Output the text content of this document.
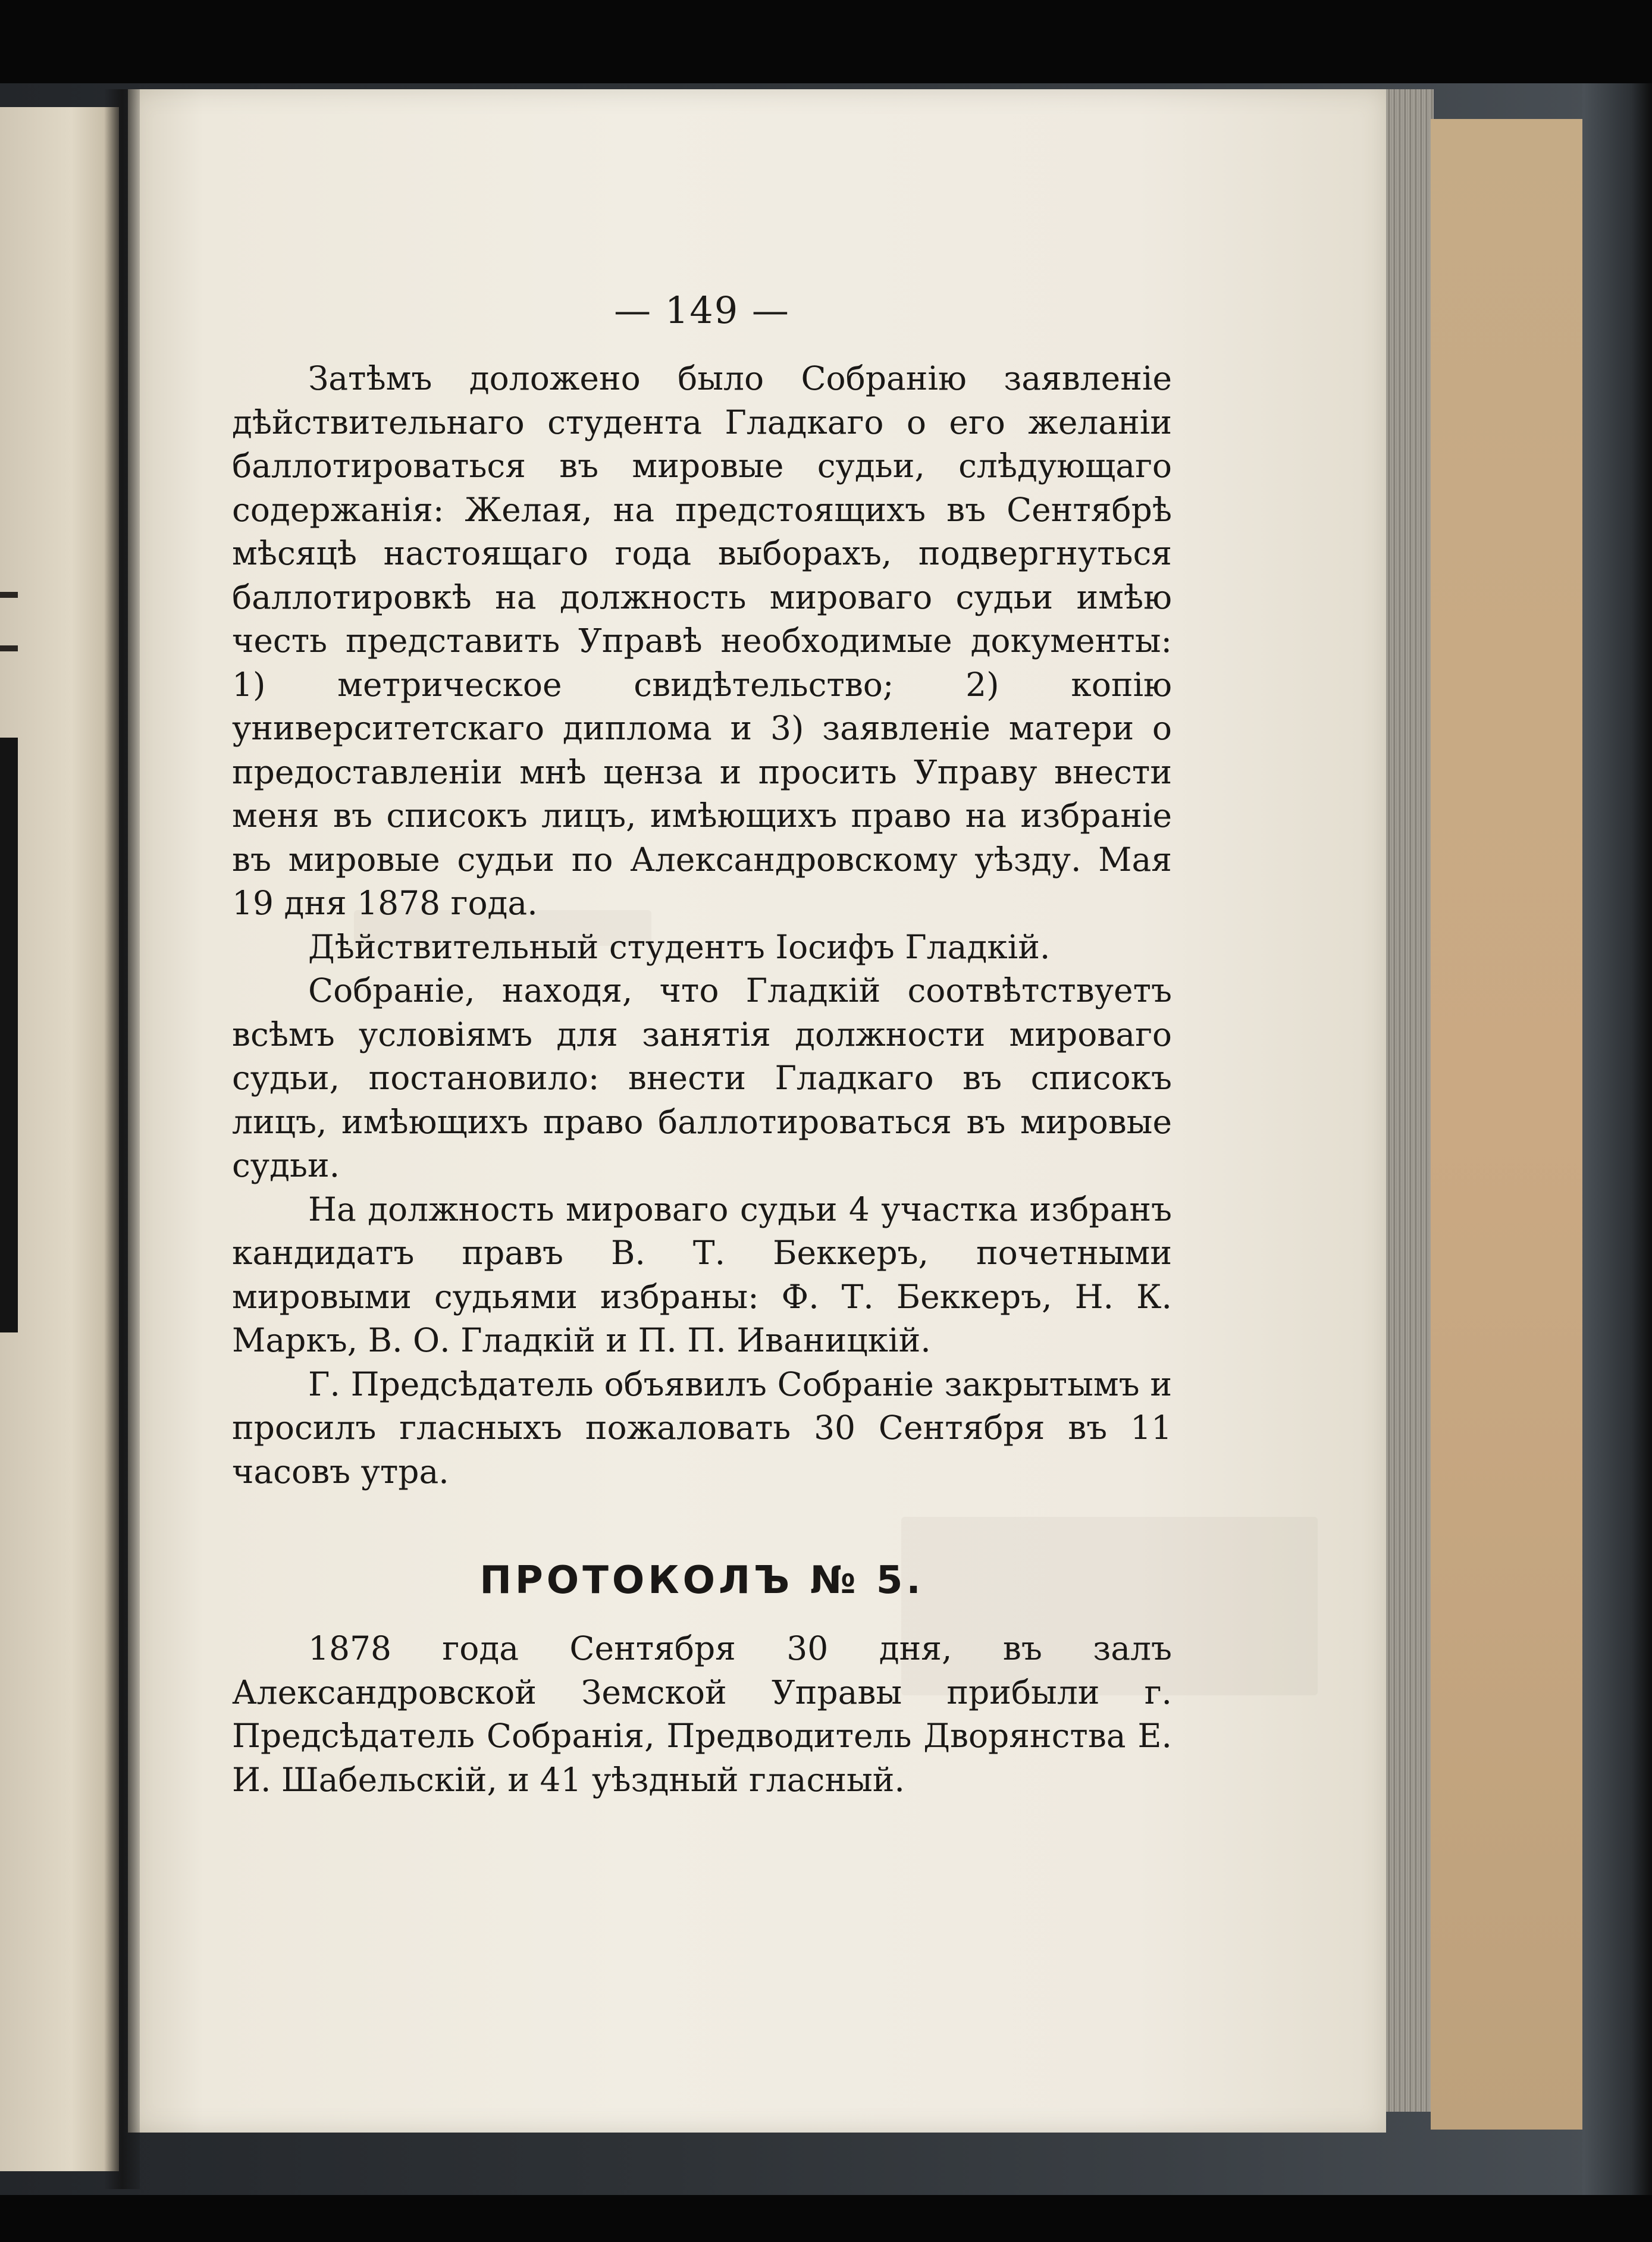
— 149 —

Затѣмъ доложено было Собранію заявленіе дѣйствительнаго студента Гладкаго о его желаніи баллотироваться въ мировые судьи, слѣдующаго содержанія: Желая, на предстоящихъ въ Сентябрѣ мѣсяцѣ настоящаго года выборахъ, подвергнуться баллотировкѣ на должность мироваго судьи имѣю честь представить Управѣ необходимые документы: 1) метрическое свидѣтельство; 2) копію университетскаго диплома и 3) заявленіе матери о предоставленіи мнѣ ценза и просить Управу внести меня въ списокъ лицъ, имѣющихъ право на избраніе въ мировые судьи по Александровскому уѣзду. Мая 19 дня 1878 года.

Дѣйствительный студентъ Іосифъ Гладкій.

Собраніе, находя, что Гладкій соотвѣтствуетъ всѣмъ условіямъ для занятія должности мироваго судьи, постановило: внести Гладкаго въ списокъ лицъ, имѣющихъ право баллотироваться въ мировые судьи.

На должность мироваго судьи 4 участка избранъ кандидатъ правъ В. Т. Беккеръ, почетными мировыми судьями избраны: Ф. Т. Беккеръ, Н. К. Маркъ, В. О. Гладкій и П. П. Иваницкій.

Г. Предсѣдатель объявилъ Собраніе закрытымъ и просилъ гласныхъ пожаловать 30 Сентября въ 11 часовъ утра.

ПРОТОКОЛЪ № 5.

1878 года Сентября 30 дня, въ залъ Александровской Земской Управы прибыли г. Предсѣдатель Собранія, Предводитель Дворянства Е. И. Шабельскій, и 41 уѣздный гласный.
